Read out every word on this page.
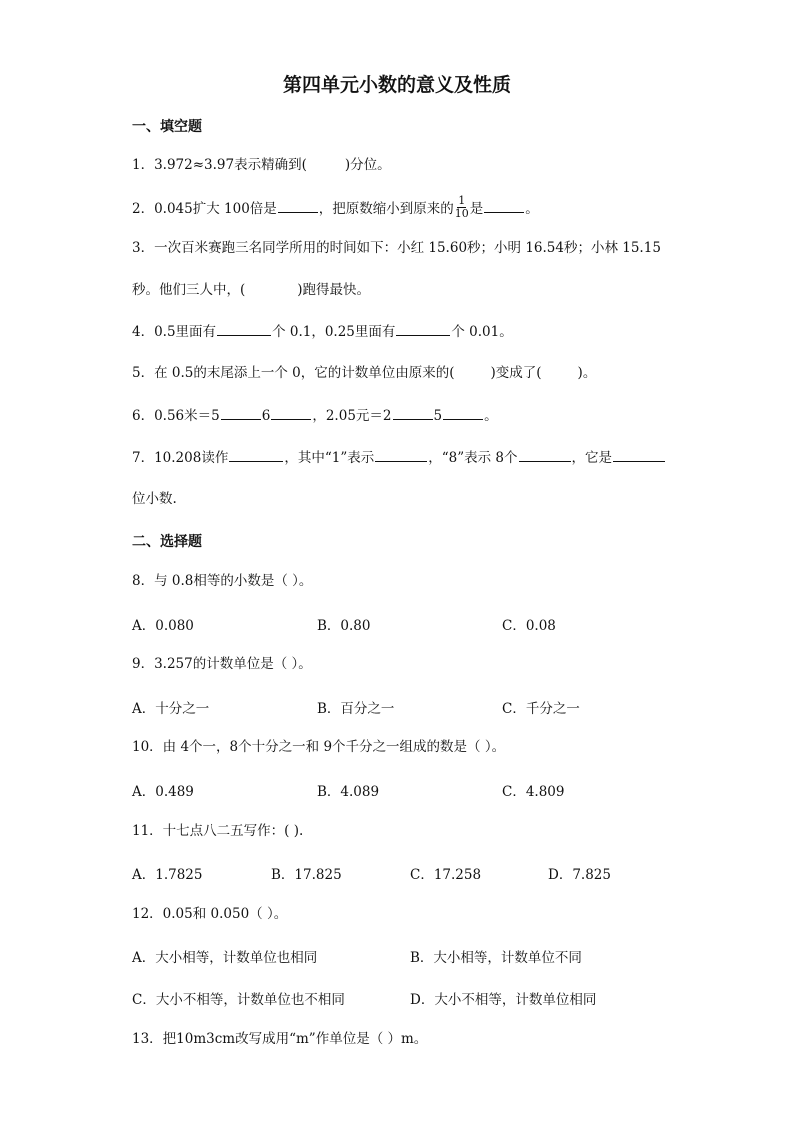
第四单元小数的意义及性质
一、填空题
1．3.972≈3.97表示精确到(	)分位。
2．0.045扩大 100倍是	，把原数缩小到原来的 $\frac{1}{10}$ 是	。
3．一次百米赛跑三名同学所用的时间如下：小红 15.60秒；小明 16.54秒；小林 15.15
秒。他们三人中，(	)跑得最快。
4．0.5里面有	个 0.1，0.25里面有	个 0.01。
5．在 0.5的末尾添上一个 0，它的计数单位由原来的(	)变成了(	)。
6．0.56米＝5	6	，2.05元＝2	5	。
7．10.208读作	，其中“1”表示	，“8”表示 8个	，它是
位小数.
二、选择题
8．与 0.8相等的小数是（ ）。
A．0.080	B．0.80	C．0.08
9．3.257的计数单位是（ ）。
A．十分之一	B．百分之一	C．千分之一
10．由 4个一，8个十分之一和 9个千分之一组成的数是（ ）。
A．0.489	B．4.089	C．4.809
11．十七点八二五写作：( ).
A．1.7825	B．17.825	C．17.258	D．7.825
12．0.05和 0.050（ ）。
A．大小相等，计数单位也相同	B．大小相等，计数单位不同
C．大小不相等，计数单位也不相同	D．大小不相等，计数单位相同
13．把10m3cm改写成用“m”作单位是（ ）m。
